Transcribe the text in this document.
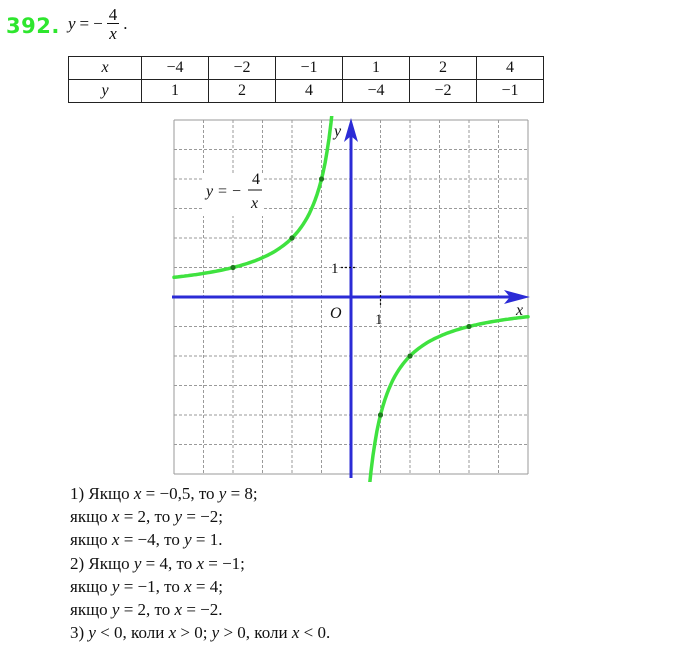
392. y = − $\frac{4}{x}$ .
x	−4	−2	−1	1	2	4
y	1	2	4	−4	−2	−1
x
y
O 1
1
y = −
4
x
1) Якщо x = −0,5, то y = 8;
якщо x = 2, то y = −2;
якщо x = −4, то y = 1.
2) Якщо y = 4, то x = −1;
якщо y = −1, то x = 4;
якщо y = 2, то x = −2.
3) y < 0, коли x > 0; y > 0, коли x < 0.
